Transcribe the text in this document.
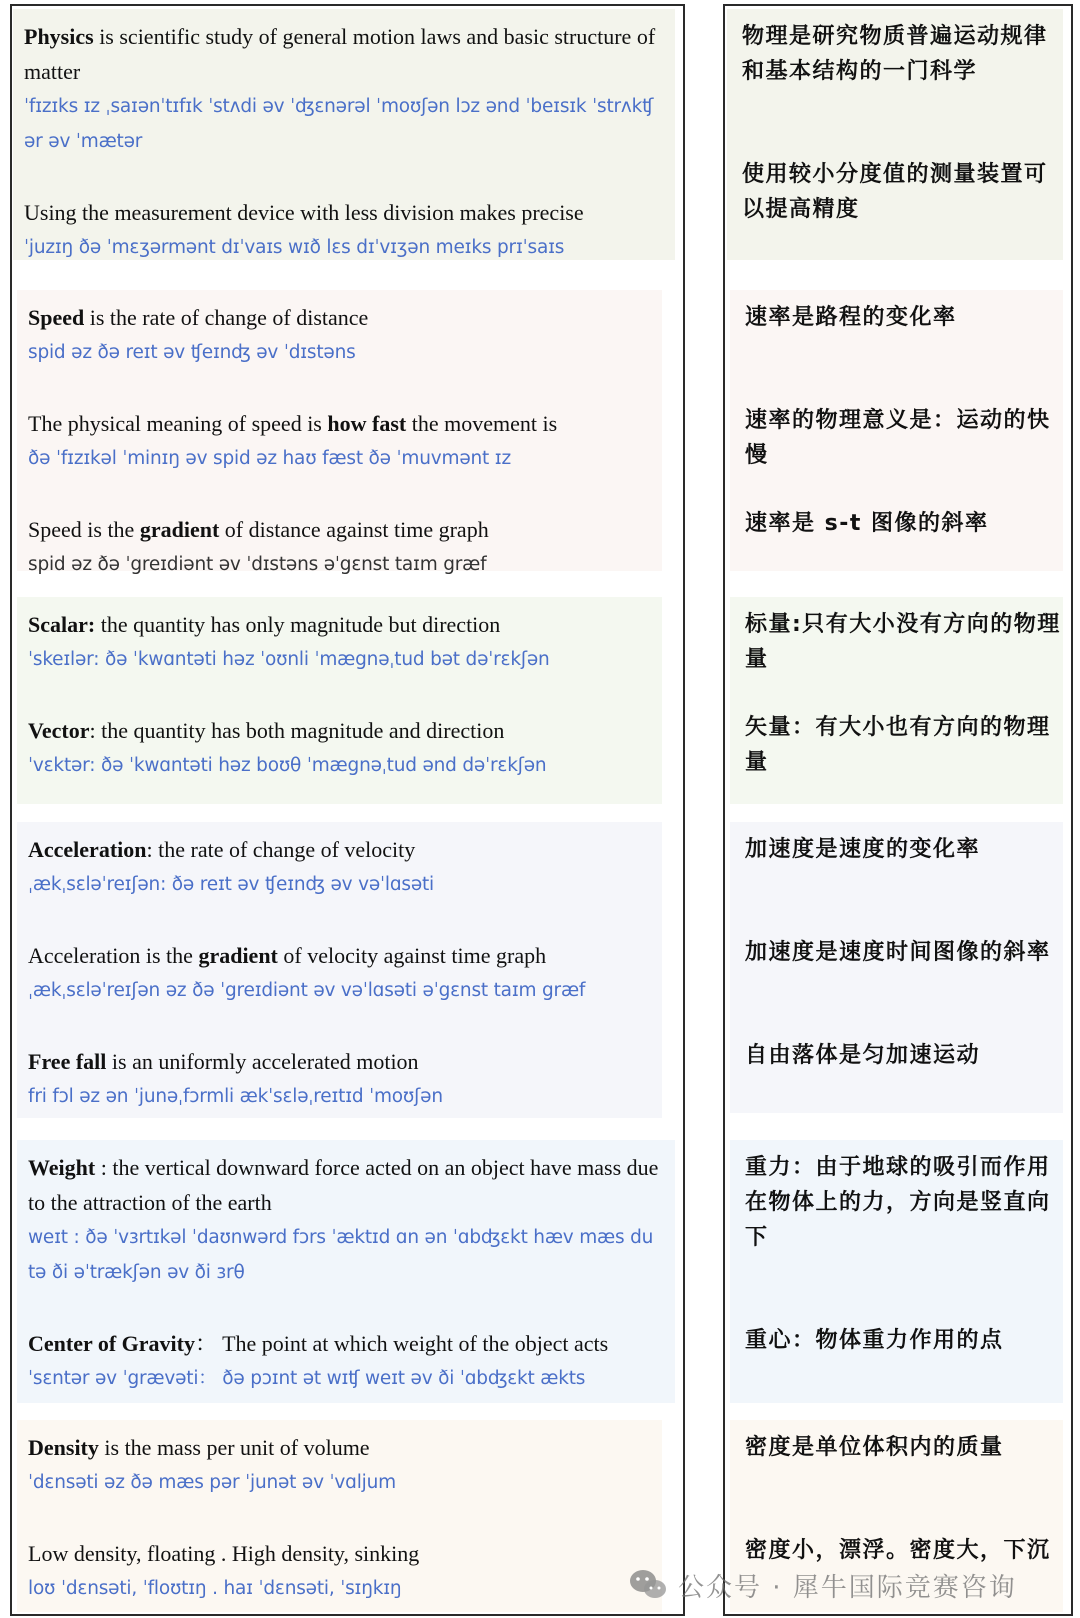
Physics is scientific study of general motion laws and basic structure of matter

ˈfɪzɪks ɪz ˌsaɪənˈtɪfɪk ˈstʌdi əv ˈʤɛnərəl ˈmoʊʃən lɔz ənd ˈbeɪsɪk ˈstrʌkʧ ər əv ˈmætər

Using the measurement device with less division makes precise

ˈjuzɪŋ ðə ˈmɛʒərmənt dɪˈvaɪs wɪð lɛs dɪˈvɪʒən meɪks prɪˈsaɪs

物理是研究物质普遍运动规律和基本结构的一门科学

使用较小分度值的测量装置可以提高精度

Speed is the rate of change of distance

spid əz ðə reɪt əv ʧeɪnʤ əv ˈdɪstəns

The physical meaning of speed is how fast the movement is

ðə ˈfɪzɪkəl ˈminɪŋ əv spid əz haʊ fæst ðə ˈmuvmənt ɪz

Speed is the gradient of distance against time graph

spid əz ðə ˈgreɪdiənt əv ˈdɪstəns əˈgɛnst taɪm græf

速率是路程的变化率

速率的物理意义是：运动的快慢

速率是 s-t 图像的斜率

Scalar: the quantity has only magnitude but direction

ˈskeɪlər: ðə ˈkwɑntəti həz ˈoʊnli ˈmægnəˌtud bət dəˈrɛkʃən

Vector: the quantity has both magnitude and direction

ˈvɛktər: ðə ˈkwɑntəti həz boʊθ ˈmægnəˌtud ənd dəˈrɛkʃən

标量:只有大小没有方向的物理量

矢量：有大小也有方向的物理量

Acceleration: the rate of change of velocity

ˌækˌsɛləˈreɪʃən: ðə reɪt əv ʧeɪnʤ əv vəˈlɑsəti

Acceleration is the gradient of velocity against time graph

ˌækˌsɛləˈreɪʃən əz ðə ˈgreɪdiənt əv vəˈlɑsəti əˈgɛnst taɪm græf

Free fall is an uniformly accelerated motion

fri fɔl əz ən ˈjunəˌfɔrmli ækˈsɛləˌreɪtɪd ˈmoʊʃən

加速度是速度的变化率

加速度是速度时间图像的斜率

自由落体是匀加速运动

Weight : the vertical downward force acted on an object have mass due to the attraction of the earth

weɪt : ðə ˈvɜrtɪkəl ˈdaʊnwərd fɔrs ˈæktɪd ɑn ən ˈɑbʤɛkt hæv mæs du tə ði əˈtrækʃən əv ði ɜrθ

Center of Gravity： The point at which weight of the object acts

ˈsɛntər əv ˈgrævəti： ðə pɔɪnt ət wɪʧ weɪt əv ði ˈɑbʤɛkt ækts

重力：由于地球的吸引而作用在物体上的力，方向是竖直向下

重心：物体重力作用的点

Density is the mass per unit of volume

ˈdɛnsəti əz ðə mæs pər ˈjunət əv ˈvɑljum

Low density, floating . High density, sinking

loʊ ˈdɛnsəti, ˈfloʊtɪŋ . haɪ ˈdɛnsəti, ˈsɪŋkɪŋ

密度是单位体积内的质量

密度小，漂浮。密度大，下沉

公众号 · 犀牛国际竞赛咨询
